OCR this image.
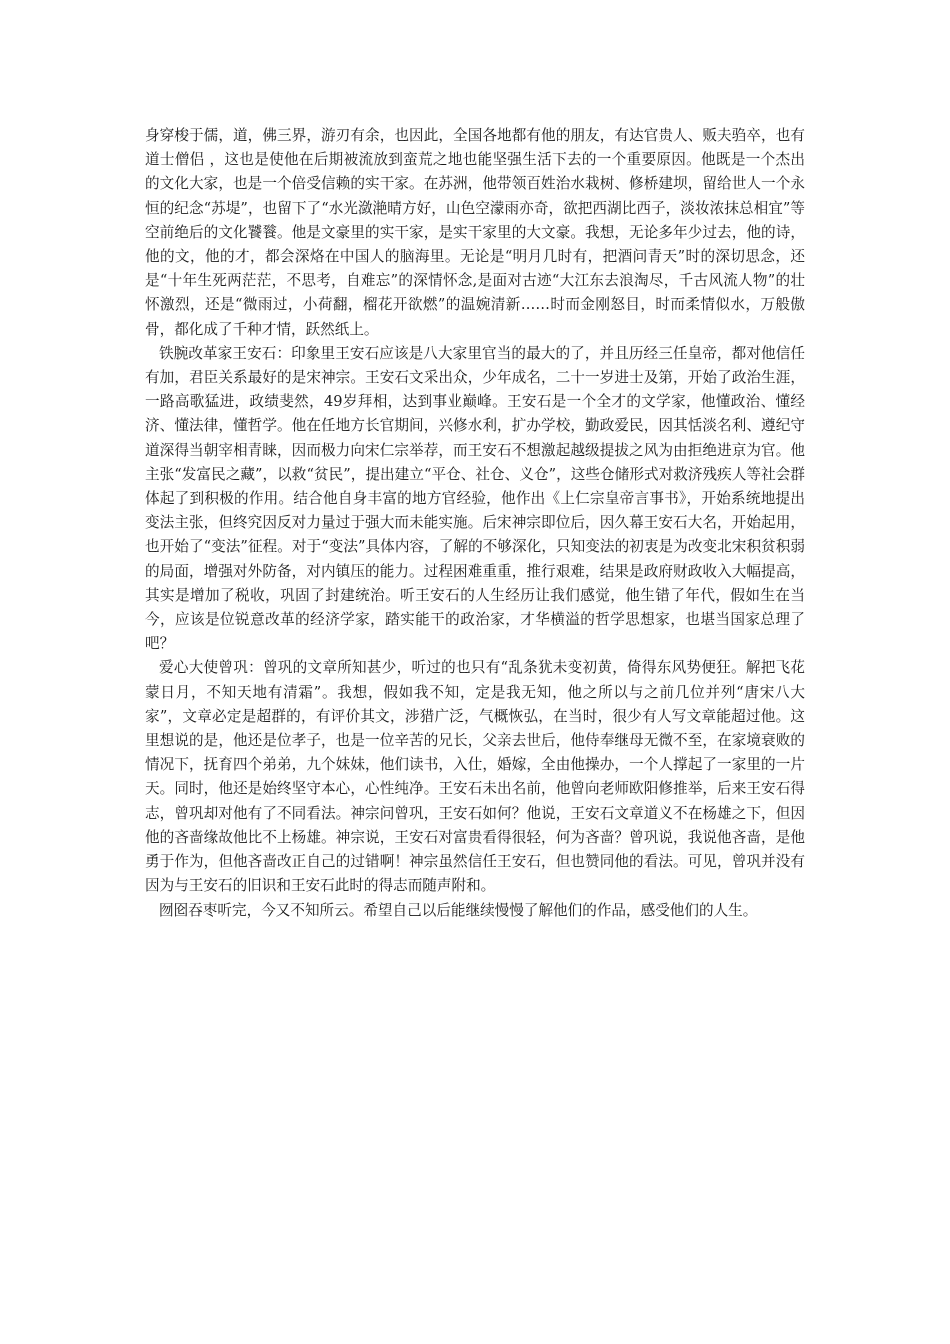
身穿梭于儒，道，佛三界，游刃有余，也因此，全国各地都有他的朋友，有达官贵人、贩夫驺卒，也有道士僧侣 ，这也是使他在后期被流放到蛮荒之地也能坚强生活下去的一个重要原因。他既是一个杰出的文化大家，也是一个倍受信赖的实干家。在苏洲，他带领百姓治水栽树、修桥建坝，留给世人一个永恒的纪念“苏堤”，也留下了“水光潋滟晴方好，山色空濛雨亦奇，欲把西湖比西子，淡妆浓抹总相宜”等空前绝后的文化饕餮。他是文豪里的实干家，是实干家里的大文豪。我想，无论多年少过去，他的诗，他的文，他的才，都会深烙在中国人的脑海里。无论是“明月几时有，把酒问青天”时的深切思念，还是“十年生死两茫茫，不思考，自难忘”的深情怀念,是面对古迹“大江东去浪淘尽，千古风流人物”的壮怀激烈，还是“微雨过，小荷翻，榴花开欲燃”的温婉清新……时而金刚怒目，时而柔情似水，万般傲骨，都化成了千种才情，跃然纸上。

铁腕改革家王安石：印象里王安石应该是八大家里官当的最大的了，并且历经三任皇帝，都对他信任有加，君臣关系最好的是宋神宗。王安石文采出众，少年成名，二十一岁进士及第，开始了政治生涯，一路高歌猛进，政绩斐然，49岁拜相，达到事业巅峰。王安石是一个全才的文学家，他懂政治、懂经济、懂法律，懂哲学。他在任地方长官期间，兴修水利，扩办学校，勤政爱民，因其恬淡名利、遵纪守道深得当朝宰相青睐，因而极力向宋仁宗举荐，而王安石不想激起越级提拔之风为由拒绝进京为官。他主张“发富民之藏”，以救“贫民”，提出建立“平仓、社仓、义仓”，这些仓储形式对救济残疾人等社会群体起了到积极的作用。结合他自身丰富的地方官经验，他作出《上仁宗皇帝言事书》，开始系统地提出变法主张，但终究因反对力量过于强大而未能实施。后宋神宗即位后，因久幕王安石大名，开始起用，也开始了“变法”征程。对于“变法”具体内容，了解的不够深化，只知变法的初衷是为改变北宋积贫积弱的局面，增强对外防备，对内镇压的能力。过程困难重重，推行艰难，结果是政府财政收入大幅提高，其实是增加了税收，巩固了封建统治。听王安石的人生经历让我们感觉，他生错了年代，假如生在当今，应该是位锐意改革的经济学家，踏实能干的政治家，才华横溢的哲学思想家，也堪当国家总理了吧？

爱心大使曾巩：曾巩的文章所知甚少，听过的也只有“乱条犹未变初黄，倚得东风势便狂。解把飞花蒙日月，不知天地有清霜”。我想，假如我不知，定是我无知，他之所以与之前几位并列“唐宋八大家”，文章必定是超群的，有评价其文，涉猎广泛，气概恢弘，在当时，很少有人写文章能超过他。这里想说的是，他还是位孝子，也是一位辛苦的兄长，父亲去世后，他侍奉继母无微不至，在家境衰败的情况下，抚育四个弟弟，九个妹妹，他们读书，入仕，婚嫁，全由他操办，一个人撑起了一家里的一片天。同时，他还是始终坚守本心，心性纯净。王安石未出名前，他曾向老师欧阳修推举，后来王安石得志，曾巩却对他有了不同看法。神宗问曾巩，王安石如何？他说，王安石文章道义不在杨雄之下，但因他的吝啬缘故他比不上杨雄。神宗说，王安石对富贵看得很轻，何为吝啬？曾巩说，我说他吝啬，是他勇于作为，但他吝啬改正自己的过错啊！神宗虽然信任王安石，但也赞同他的看法。可见，曾巩并没有因为与王安石的旧识和王安石此时的得志而随声附和。

囫囵吞枣听完，今又不知所云。希望自己以后能继续慢慢了解他们的作品，感受他们的人生。
